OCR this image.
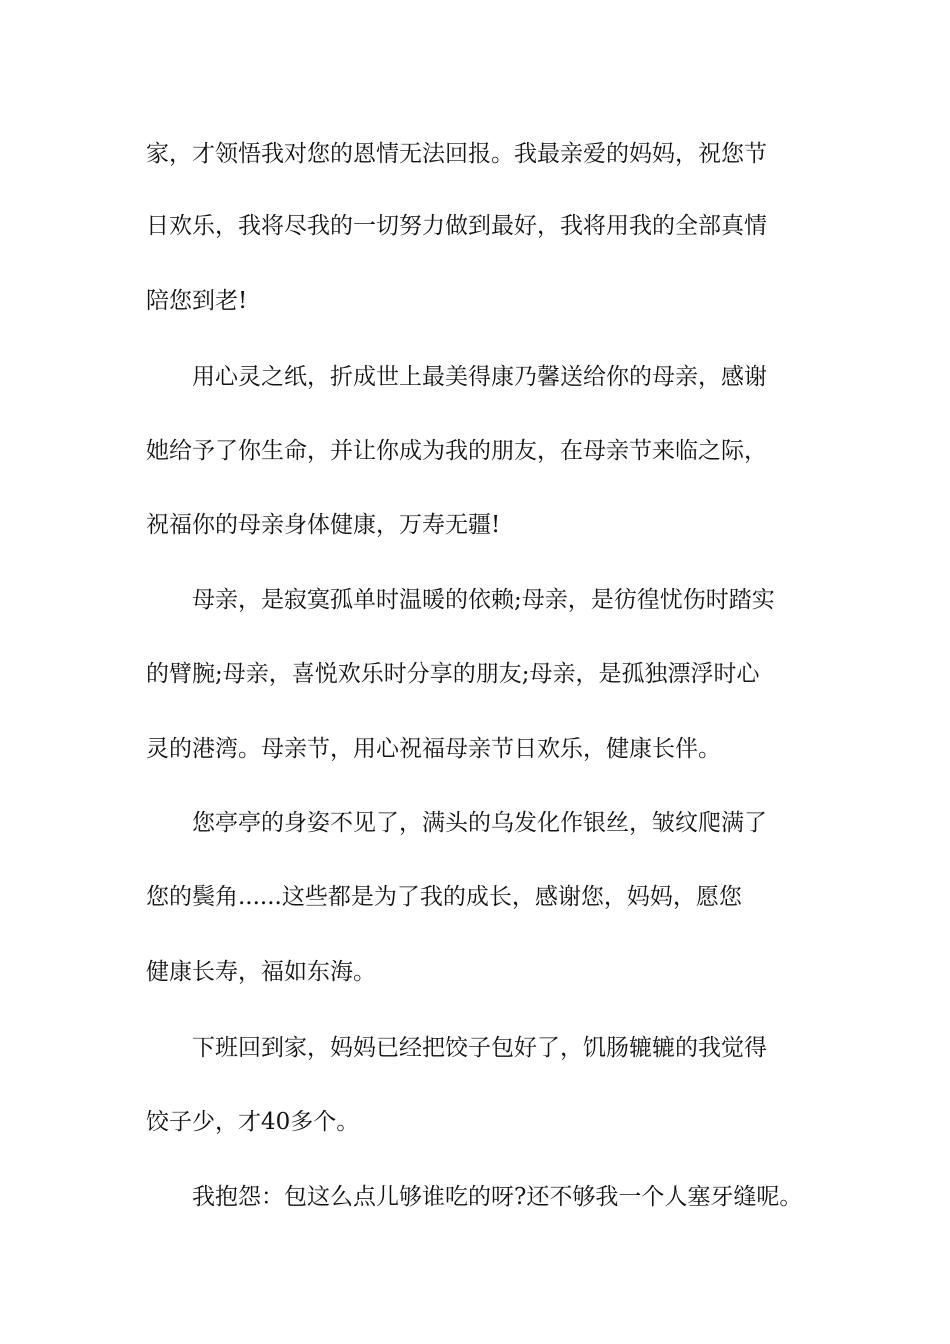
家，才领悟我对您的恩情无法回报。我最亲爱的妈妈，祝您节

日欢乐，我将尽我的一切努力做到最好，我将用我的全部真情

陪您到老!

用心灵之纸，折成世上最美得康乃馨送给你的母亲，感谢

她给予了你生命，并让你成为我的朋友，在母亲节来临之际，

祝福你的母亲身体健康，万寿无疆!

母亲，是寂寞孤单时温暖的依赖;母亲，是彷徨忧伤时踏实

的臂腕;母亲，喜悦欢乐时分享的朋友;母亲，是孤独漂浮时心

灵的港湾。母亲节，用心祝福母亲节日欢乐，健康长伴。

您亭亭的身姿不见了，满头的乌发化作银丝，皱纹爬满了

您的鬓角......这些都是为了我的成长，感谢您，妈妈，愿您

健康长寿，福如东海。

下班回到家，妈妈已经把饺子包好了，饥肠辘辘的我觉得

饺子少，才40多个。

我抱怨：包这么点儿够谁吃的呀?还不够我一个人塞牙缝呢。
